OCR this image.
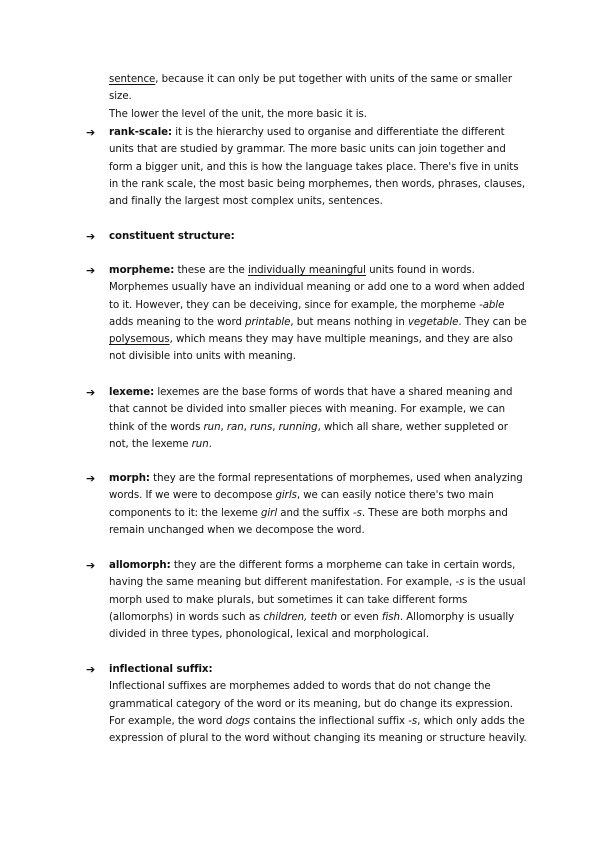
sentence, because it can only be put together with units of the same or smaller size.

The lower the level of the unit, the more basic it is.

➔ rank-scale: it is the hierarchy used to organise and differentiate the different units that are studied by grammar. The more basic units can join together and form a bigger unit, and this is how the language takes place. There's five in units in the rank scale, the most basic being morphemes, then words, phrases, clauses, and finally the largest most complex units, sentences.

➔ constituent structure:

➔ morpheme: these are the individually meaningful units found in words. Morphemes usually have an individual meaning or add one to a word when added to it. However, they can be deceiving, since for example, the morpheme -able adds meaning to the word printable, but means nothing in vegetable. They can be polysemous, which means they may have multiple meanings, and they are also not divisible into units with meaning.

➔ lexeme: lexemes are the base forms of words that have a shared meaning and that cannot be divided into smaller pieces with meaning. For example, we can think of the words run, ran, runs, running, which all share, wether suppleted or not, the lexeme run.

➔ morph: they are the formal representations of morphemes, used when analyzing words. If we were to decompose girls, we can easily notice there's two main components to it: the lexeme girl and the suffix -s. These are both morphs and remain unchanged when we decompose the word.

➔ allomorph: they are the different forms a morpheme can take in certain words, having the same meaning but different manifestation. For example, -s is the usual morph used to make plurals, but sometimes it can take different forms (allomorphs) in words such as children, teeth or even fish. Allomorphy is usually divided in three types, phonological, lexical and morphological.

➔ inflectional suffix:

Inflectional suffixes are morphemes added to words that do not change the grammatical category of the word or its meaning, but do change its expression. For example, the word dogs contains the inflectional suffix -s, which only adds the expression of plural to the word without changing its meaning or structure heavily.
